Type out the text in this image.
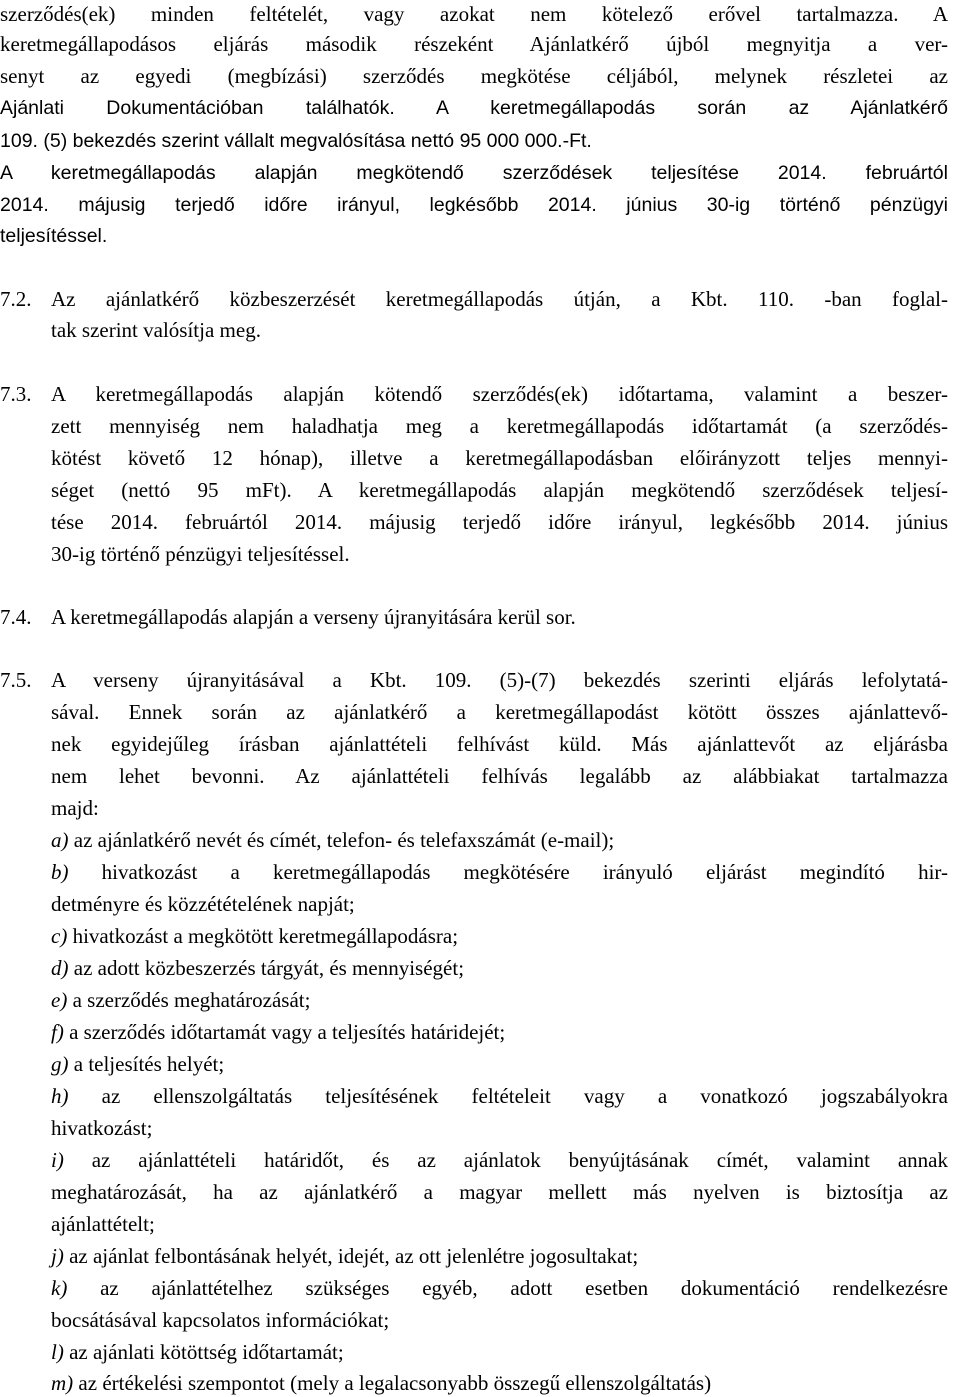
szerződés(ek) minden feltételét, vagy azokat nem kötelező erővel tartalmazza. A
keretmegállapodásos eljárás második részeként Ajánlatkérő újból megnyitja a ver-
senyt az egyedi (megbízási) szerződés megkötése céljából, melynek részletei az
Ajánlati Dokumentációban találhatók. A keretmegállapodás során az Ajánlatkérő
109. (5) bekezdés szerint vállalt megvalósítása nettó 95 000 000.-Ft.
A keretmegállapodás alapján megkötendő szerződések teljesítése 2014. februártól
2014. májusig terjedő időre irányul, legkésőbb 2014. június 30-ig történő pénzügyi
teljesítéssel.
7.2. Az ajánlatkérő közbeszerzését keretmegállapodás útján, a Kbt. 110. -ban foglal-
tak szerint valósítja meg.
7.3. A keretmegállapodás alapján kötendő szerződés(ek) időtartama, valamint a beszer-
zett mennyiség nem haladhatja meg a keretmegállapodás időtartamát (a szerződés-
kötést követő 12 hónap), illetve a keretmegállapodásban előirányzott teljes mennyi-
séget (nettó 95 mFt). A keretmegállapodás alapján megkötendő szerződések teljesí-
tése 2014. februártól 2014. májusig terjedő időre irányul, legkésőbb 2014. június
30-ig történő pénzügyi teljesítéssel.
7.4. A keretmegállapodás alapján a verseny újranyitására kerül sor.
7.5. A verseny újranyitásával a Kbt. 109. (5)-(7) bekezdés szerinti eljárás lefolytatá-
sával. Ennek során az ajánlatkérő a keretmegállapodást kötött összes ajánlattevő-
nek egyidejűleg írásban ajánlattételi felhívást küld. Más ajánlattevőt az eljárásba
nem lehet bevonni. Az ajánlattételi felhívás legalább az alábbiakat tartalmazza
majd:
a) az ajánlatkérő nevét és címét, telefon- és telefaxszámát (e-mail);
b) hivatkozást a keretmegállapodás megkötésére irányuló eljárást megindító hir-
detményre és közzétételének napját;
c) hivatkozást a megkötött keretmegállapodásra;
d) az adott közbeszerzés tárgyát, és mennyiségét;
e) a szerződés meghatározását;
f) a szerződés időtartamát vagy a teljesítés határidejét;
g) a teljesítés helyét;
h) az ellenszolgáltatás teljesítésének feltételeit vagy a vonatkozó jogszabályokra
hivatkozást;
i) az ajánlattételi határidőt, és az ajánlatok benyújtásának címét, valamint annak
meghatározását, ha az ajánlatkérő a magyar mellett más nyelven is biztosítja az
ajánlattételt;
j) az ajánlat felbontásának helyét, idejét, az ott jelenlétre jogosultakat;
k) az ajánlattételhez szükséges egyéb, adott esetben dokumentáció rendelkezésre
bocsátásával kapcsolatos információkat;
l) az ajánlati kötöttség időtartamát;
m) az értékelési szempontot (mely a legalacsonyabb összegű ellenszolgáltatás)
